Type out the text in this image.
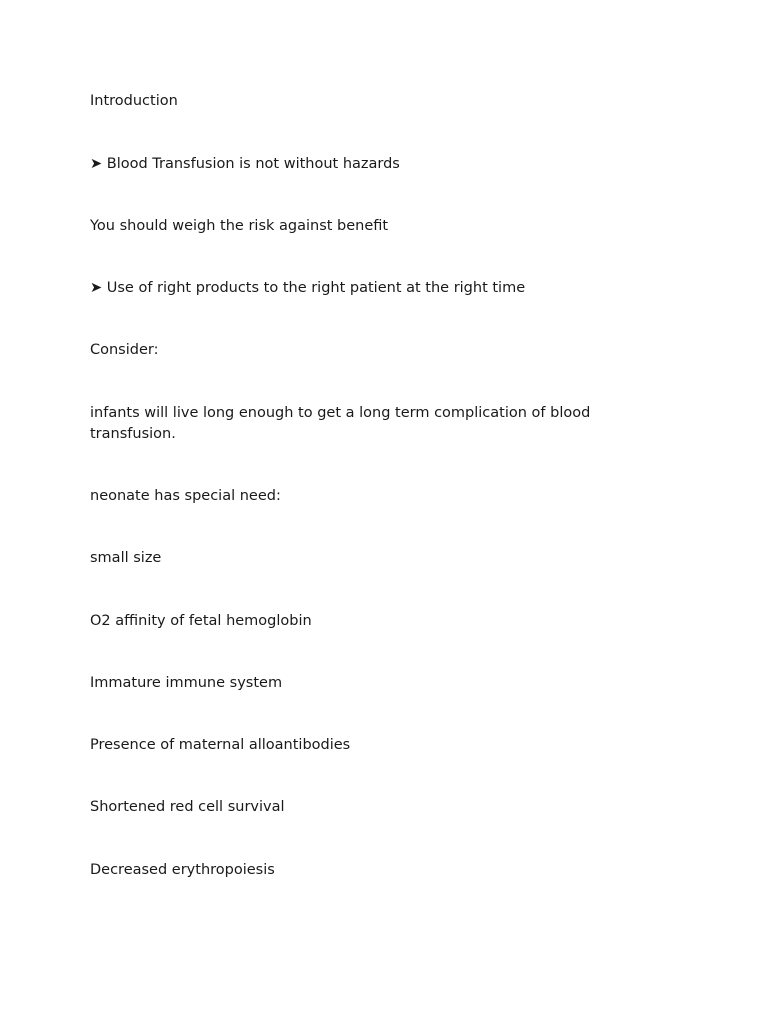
Introduction

➤ Blood Transfusion is not without hazards

You should weigh the risk against benefit

➤ Use of right products to the right patient at the right time

Consider:

infants will live long enough to get a long term complication of blood transfusion.

neonate has special need:

small size

O2 affinity of fetal hemoglobin

Immature immune system

Presence of maternal alloantibodies

Shortened red cell survival

Decreased erythropoiesis
